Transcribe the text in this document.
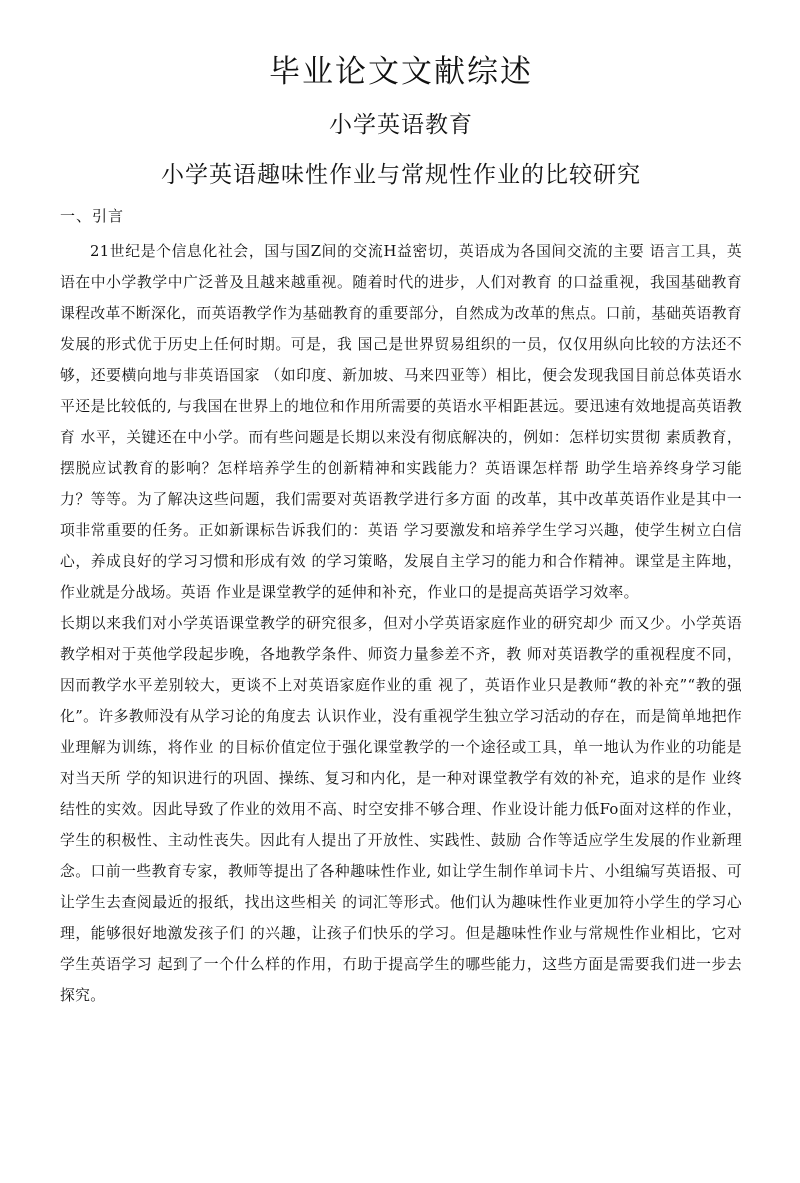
毕业论文文献综述
小学英语教育
小学英语趣味性作业与常规性作业的比较研究
一、引言

21世纪是个信息化社会，国与国Z间的交流H益密切，英语成为各国间交流的主要 语言工具，英语在中小学教学中广泛普及且越来越重视。随着时代的进步，人们对教育 的口益重视，我国基础教育课程改革不断深化，而英语教学作为基础教育的重要部分，自然成为改革的焦点。口前，基础英语教育发展的形式优于历史上任何时期。可是，我 国己是世界贸易组织的一员，仅仅用纵向比较的方法还不够，还要横向地与非英语国家 （如印度、新加坡、马来四亚等）相比，便会发现我国目前总体英语水平还是比较低的, 与我国在世界上的地位和作用所需要的英语水平相距甚远。要迅速有效地提高英语教育 水平，关键还在中小学。而有些问题是长期以来没有彻底解决的，例如：怎样切实贯彻 素质教育，摆脱应试教育的影响？怎样培养学生的创新精神和实践能力？英语课怎样帮 助学生培养终身学习能力？等等。为了解决这些问题，我们需要对英语教学进行多方面 的改革，其中改革英语作业是其中一项非常重要的任务。正如新课标告诉我们的：英语 学习要激发和培养学生学习兴趣，使学生树立白信心，养成良好的学习习惯和形成有效 的学习策略，发展自主学习的能力和合作精神。课堂是主阵地，作业就是分战场。英语 作业是课堂教学的延伸和补充，作业口的是提高英语学习效率。

长期以来我们对小学英语课堂教学的研究很多，但对小学英语家庭作业的研究却少 而又少。小学英语教学相对于英他学段起步晚，各地教学条件、师资力量参差不齐，教 师对英语教学的重视程度不同，因而教学水平差别较大，更谈不上对英语家庭作业的重 视了，英语作业只是教师“教的补充”“教的强化”。许多教师没有从学习论的角度去 认识作业，没有重视学生独立学习活动的存在，而是简单地把作业理解为训练，将作业 的目标价值定位于强化课堂教学的一个途径或工具，单一地认为作业的功能是对当天所 学的知识进行的巩固、操练、复习和内化，是一种对课堂教学有效的补充，追求的是作 业终结性的实效。因此导致了作业的效用不高、时空安排不够合理、作业设计能力低Fo面对这样的作业，学生的积极性、主动性丧失。因此有人提出了开放性、实践性、鼓励 合作等适应学生发展的作业新理念。口前一些教育专家，教师等提出了各种趣味性作业, 如让学生制作单词卡片、小组编写英语报、可让学生去查阅最近的报纸，找出这些相关 的词汇等形式。他们认为趣味性作业更加符小学生的学习心理，能够很好地激发孩子们 的兴趣，让孩子们快乐的学习。但是趣味性作业与常规性作业相比，它对学生英语学习 起到了一个什么样的作用，冇助于提高学生的哪些能力，这些方面是需要我们进一步去 探究。
